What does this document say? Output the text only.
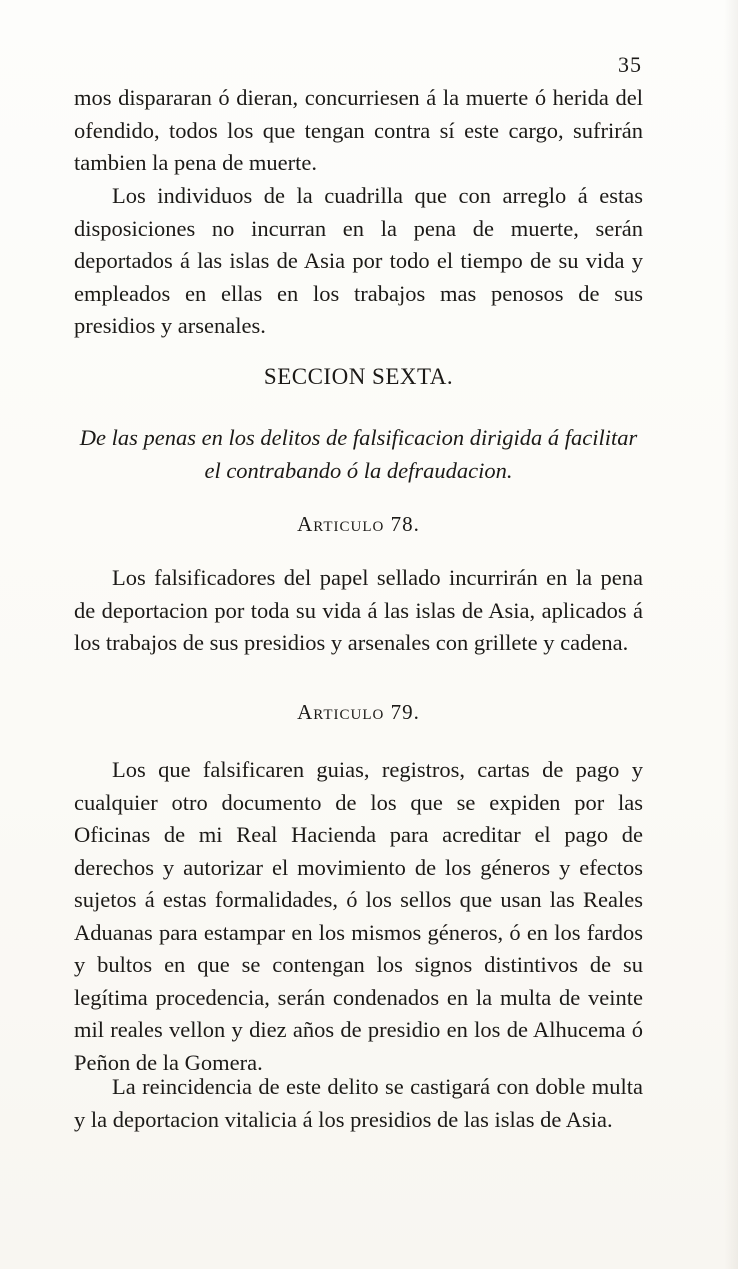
35
mos dispararan ó dieran, concurriesen á la muerte ó herida del ofendido, todos los que tengan contra sí este cargo, sufrirán tambien la pena de muerte.
Los individuos de la cuadrilla que con arreglo á estas disposiciones no incurran en la pena de muerte, serán deportados á las islas de Asia por todo el tiempo de su vida y empleados en ellas en los trabajos mas penosos de sus presidios y arsenales.
SECCION SEXTA.
De las penas en los delitos de falsificacion dirigida á facilitar el contrabando ó la defraudacion.
Articulo 78.
Los falsificadores del papel sellado incurrirán en la pena de deportacion por toda su vida á las islas de Asia, aplicados á los trabajos de sus presidios y arsenales con grillete y cadena.
Articulo 79.
Los que falsificaren guias, registros, cartas de pago y cualquier otro documento de los que se expiden por las Oficinas de mi Real Hacienda para acreditar el pago de derechos y autorizar el movimiento de los géneros y efectos sujetos á estas formalidades, ó los sellos que usan las Reales Aduanas para estampar en los mismos géneros, ó en los fardos y bultos en que se contengan los signos distintivos de su legítima procedencia, serán condenados en la multa de veinte mil reales vellon y diez años de presidio en los de Alhucema ó Peñon de la Gomera.
La reincidencia de este delito se castigará con doble multa y la deportacion vitalicia á los presidios de las islas de Asia.
